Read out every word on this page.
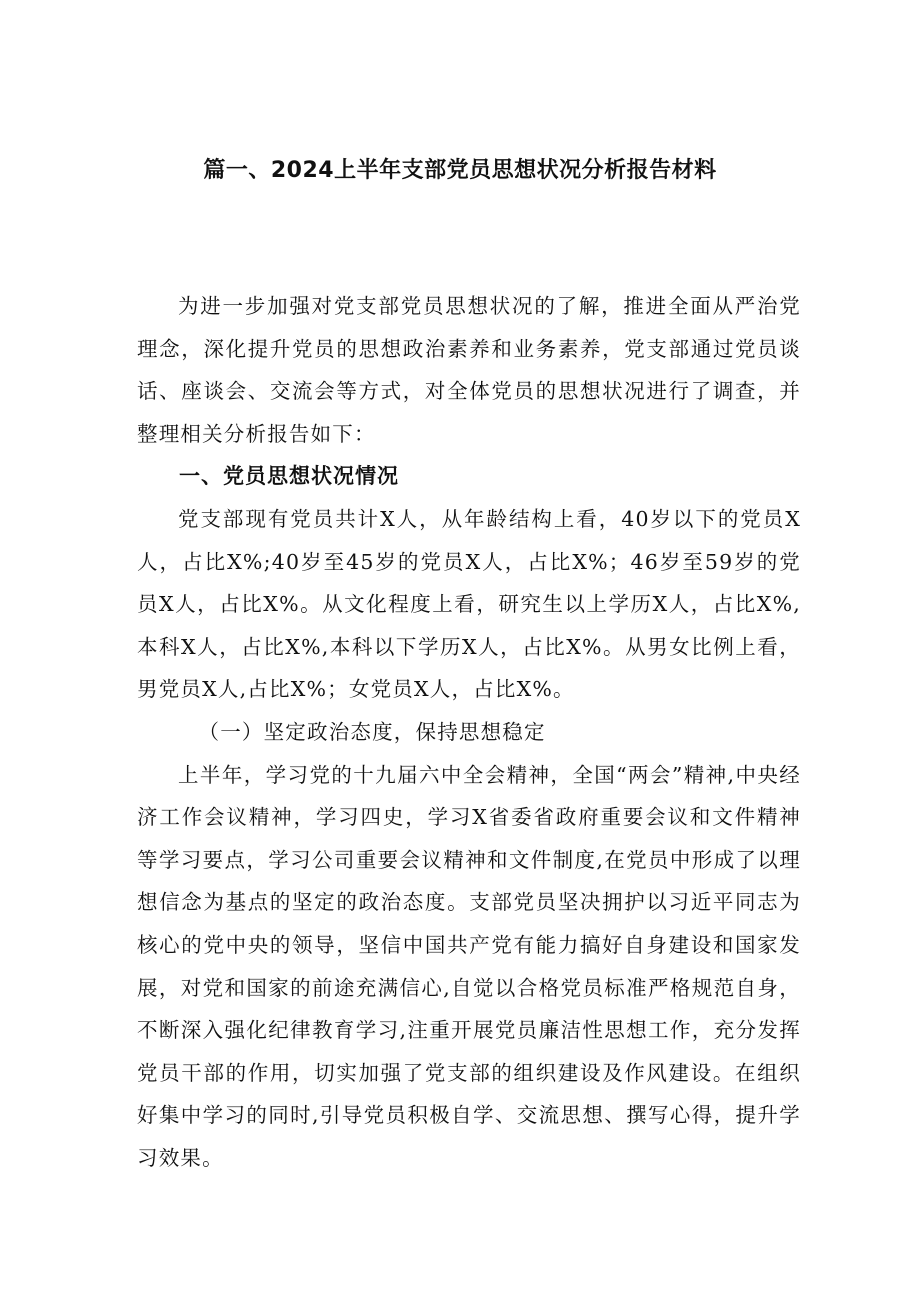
篇一、2024上半年支部党员思想状况分析报告材料

为进一步加强对党支部党员思想状况的了解，推进全面从严治党理念，深化提升党员的思想政治素养和业务素养，党支部通过党员谈话、座谈会、交流会等方式，对全体党员的思想状况进行了调查，并整理相关分析报告如下：

一、党员思想状况情况

党支部现有党员共计X人，从年龄结构上看，40岁以下的党员X人，占比X%;40岁至45岁的党员X人，占比X%；46岁至59岁的党员X人，占比X%。从文化程度上看，研究生以上学历X人，占比X%,本科X人，占比X%,本科以下学历X人，占比X%。从男女比例上看，男党员X人,占比X%；女党员X人，占比X%。

（一）坚定政治态度，保持思想稳定

上半年，学习党的十九届六中全会精神，全国“两会”精神,中央经济工作会议精神，学习四史，学习X省委省政府重要会议和文件精神等学习要点，学习公司重要会议精神和文件制度,在党员中形成了以理想信念为基点的坚定的政治态度。支部党员坚决拥护以习近平同志为核心的党中央的领导，坚信中国共产党有能力搞好自身建设和国家发展，对党和国家的前途充满信心,自觉以合格党员标准严格规范自身，不断深入强化纪律教育学习,注重开展党员廉洁性思想工作，充分发挥党员干部的作用，切实加强了党支部的组织建设及作风建设。在组织好集中学习的同时,引导党员积极自学、交流思想、撰写心得，提升学习效果。
